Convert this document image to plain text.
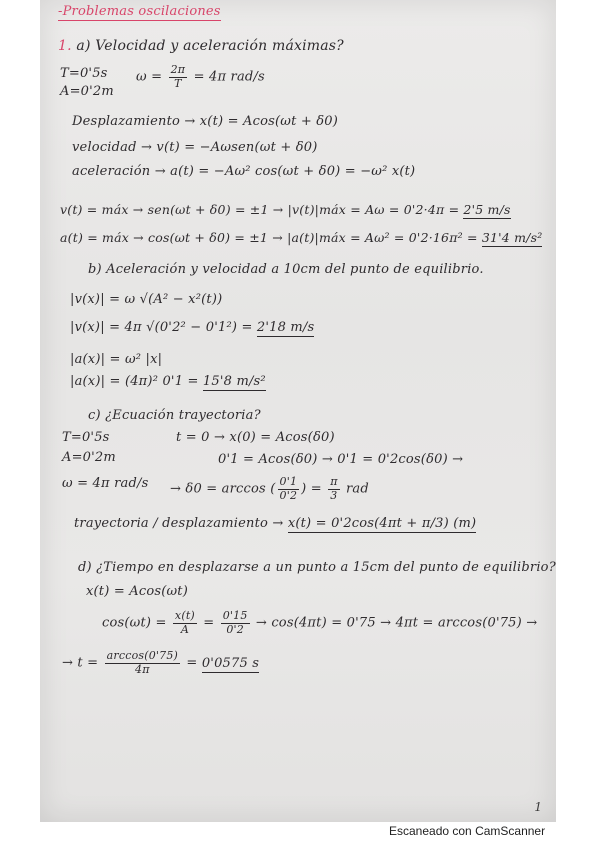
-Problemas oscilaciones
1. a) Velocidad y aceleración máximas?
T=0'5s
A=0'2m
$\omega = \frac{2\pi}{T} = 4\pi$ rad/s
Desplazamiento → x(t) = Acos(ωt + δ0)
velocidad → v(t) = −Aωsen(ωt + δ0)
aceleración → a(t) = −Aω² cos(ωt + δ0) = −ω² x(t)
v(t) = máx → sen(ωt + δ0) = ±1 → |v(t)|máx = Aω = 0'2·4π = 2'5 m/s
a(t) = máx → cos(ωt + δ0) = ±1 → |a(t)|máx = Aω² = 0'2·16π² = 31'4 m/s²
b) Aceleración y velocidad a 10cm del punto de equilibrio.
|v(x)| = ω √(A² − x²(t))
|v(x)| = 4π √(0'2² − 0'1²) = 2'18 m/s
|a(x)| = ω² |x|
|a(x)| = (4π)² 0'1 = 15'8 m/s²
c) ¿Ecuación trayectoria?
T=0'5s
A=0'2m
ω = 4π rad/s
t = 0 → x(0) = Acos(δ0)
0'1 = Acos(δ0) → 0'1 = 0'2cos(δ0) →
→ δ0 = arccos ( $\frac{0'1}{0'2}$ ) = $\frac{\pi}{3}$ rad
trayectoria / desplazamiento → x(t) = 0'2cos(4πt + π/3) (m)
d) ¿Tiempo en desplazarse a un punto a 15cm del punto de equilibrio?
x(t) = Acos(ωt)
$\cos(\omega t) = \frac{x(t)}{A} = \frac{0'15}{0'2} \to \cos(4\pi t) = 0'75 \to 4\pi t = \arccos(0'75)$ →
→ $t = \frac{\arccos(0'75)}{4\pi} = 0'0575$ s
1
Escaneado con CamScanner
